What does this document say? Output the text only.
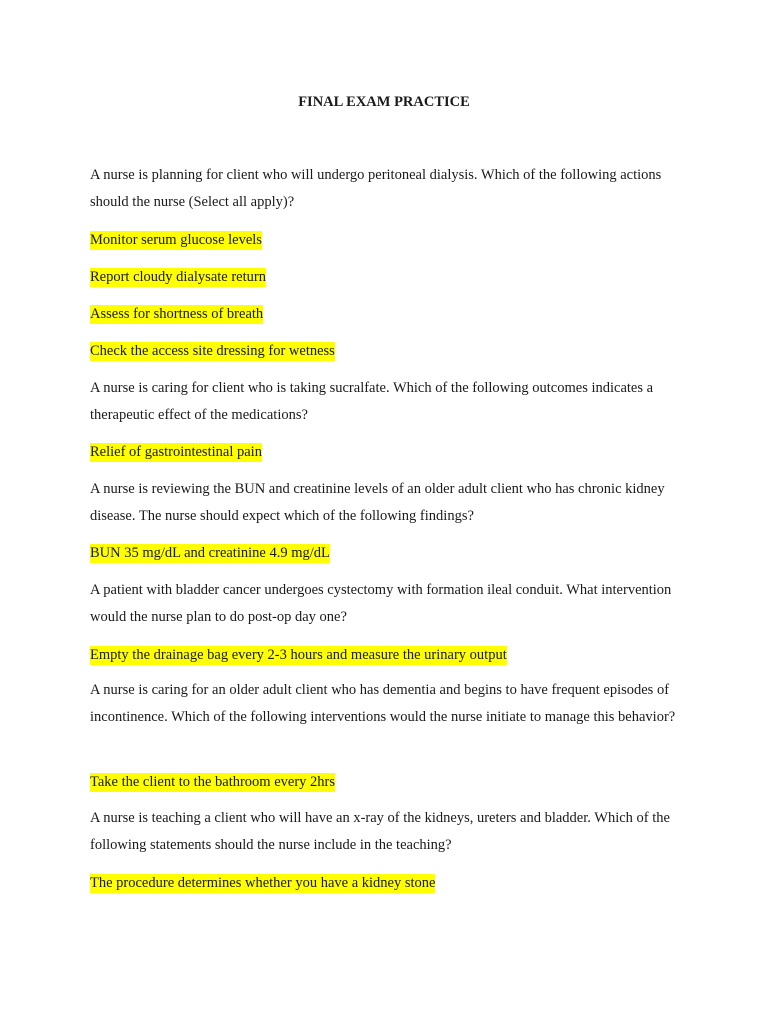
FINAL EXAM PRACTICE
A nurse is planning for client who will undergo peritoneal dialysis. Which of the following actions should the nurse (Select all apply)?
Monitor serum glucose levels
Report cloudy dialysate return
Assess for shortness of breath
Check the access site dressing for wetness
A nurse is caring for client who is taking sucralfate. Which of the following outcomes indicates a therapeutic effect of the medications?
Relief of gastrointestinal pain
A nurse is reviewing the BUN and creatinine levels of an older adult client who has chronic kidney disease. The nurse should expect which of the following findings?
BUN 35 mg/dL and creatinine 4.9 mg/dL
A patient with bladder cancer undergoes cystectomy with formation ileal conduit. What intervention would the nurse plan to do post-op day one?
Empty the drainage bag every 2-3 hours and measure the urinary output
A nurse is caring for an older adult client who has dementia and begins to have frequent episodes of incontinence. Which of the following interventions would the nurse initiate to manage this behavior?
Take the client to the bathroom every 2hrs
A nurse is teaching a client who will have an x-ray of the kidneys, ureters and bladder. Which of the following statements should the nurse include in the teaching?
The procedure determines whether you have a kidney stone
